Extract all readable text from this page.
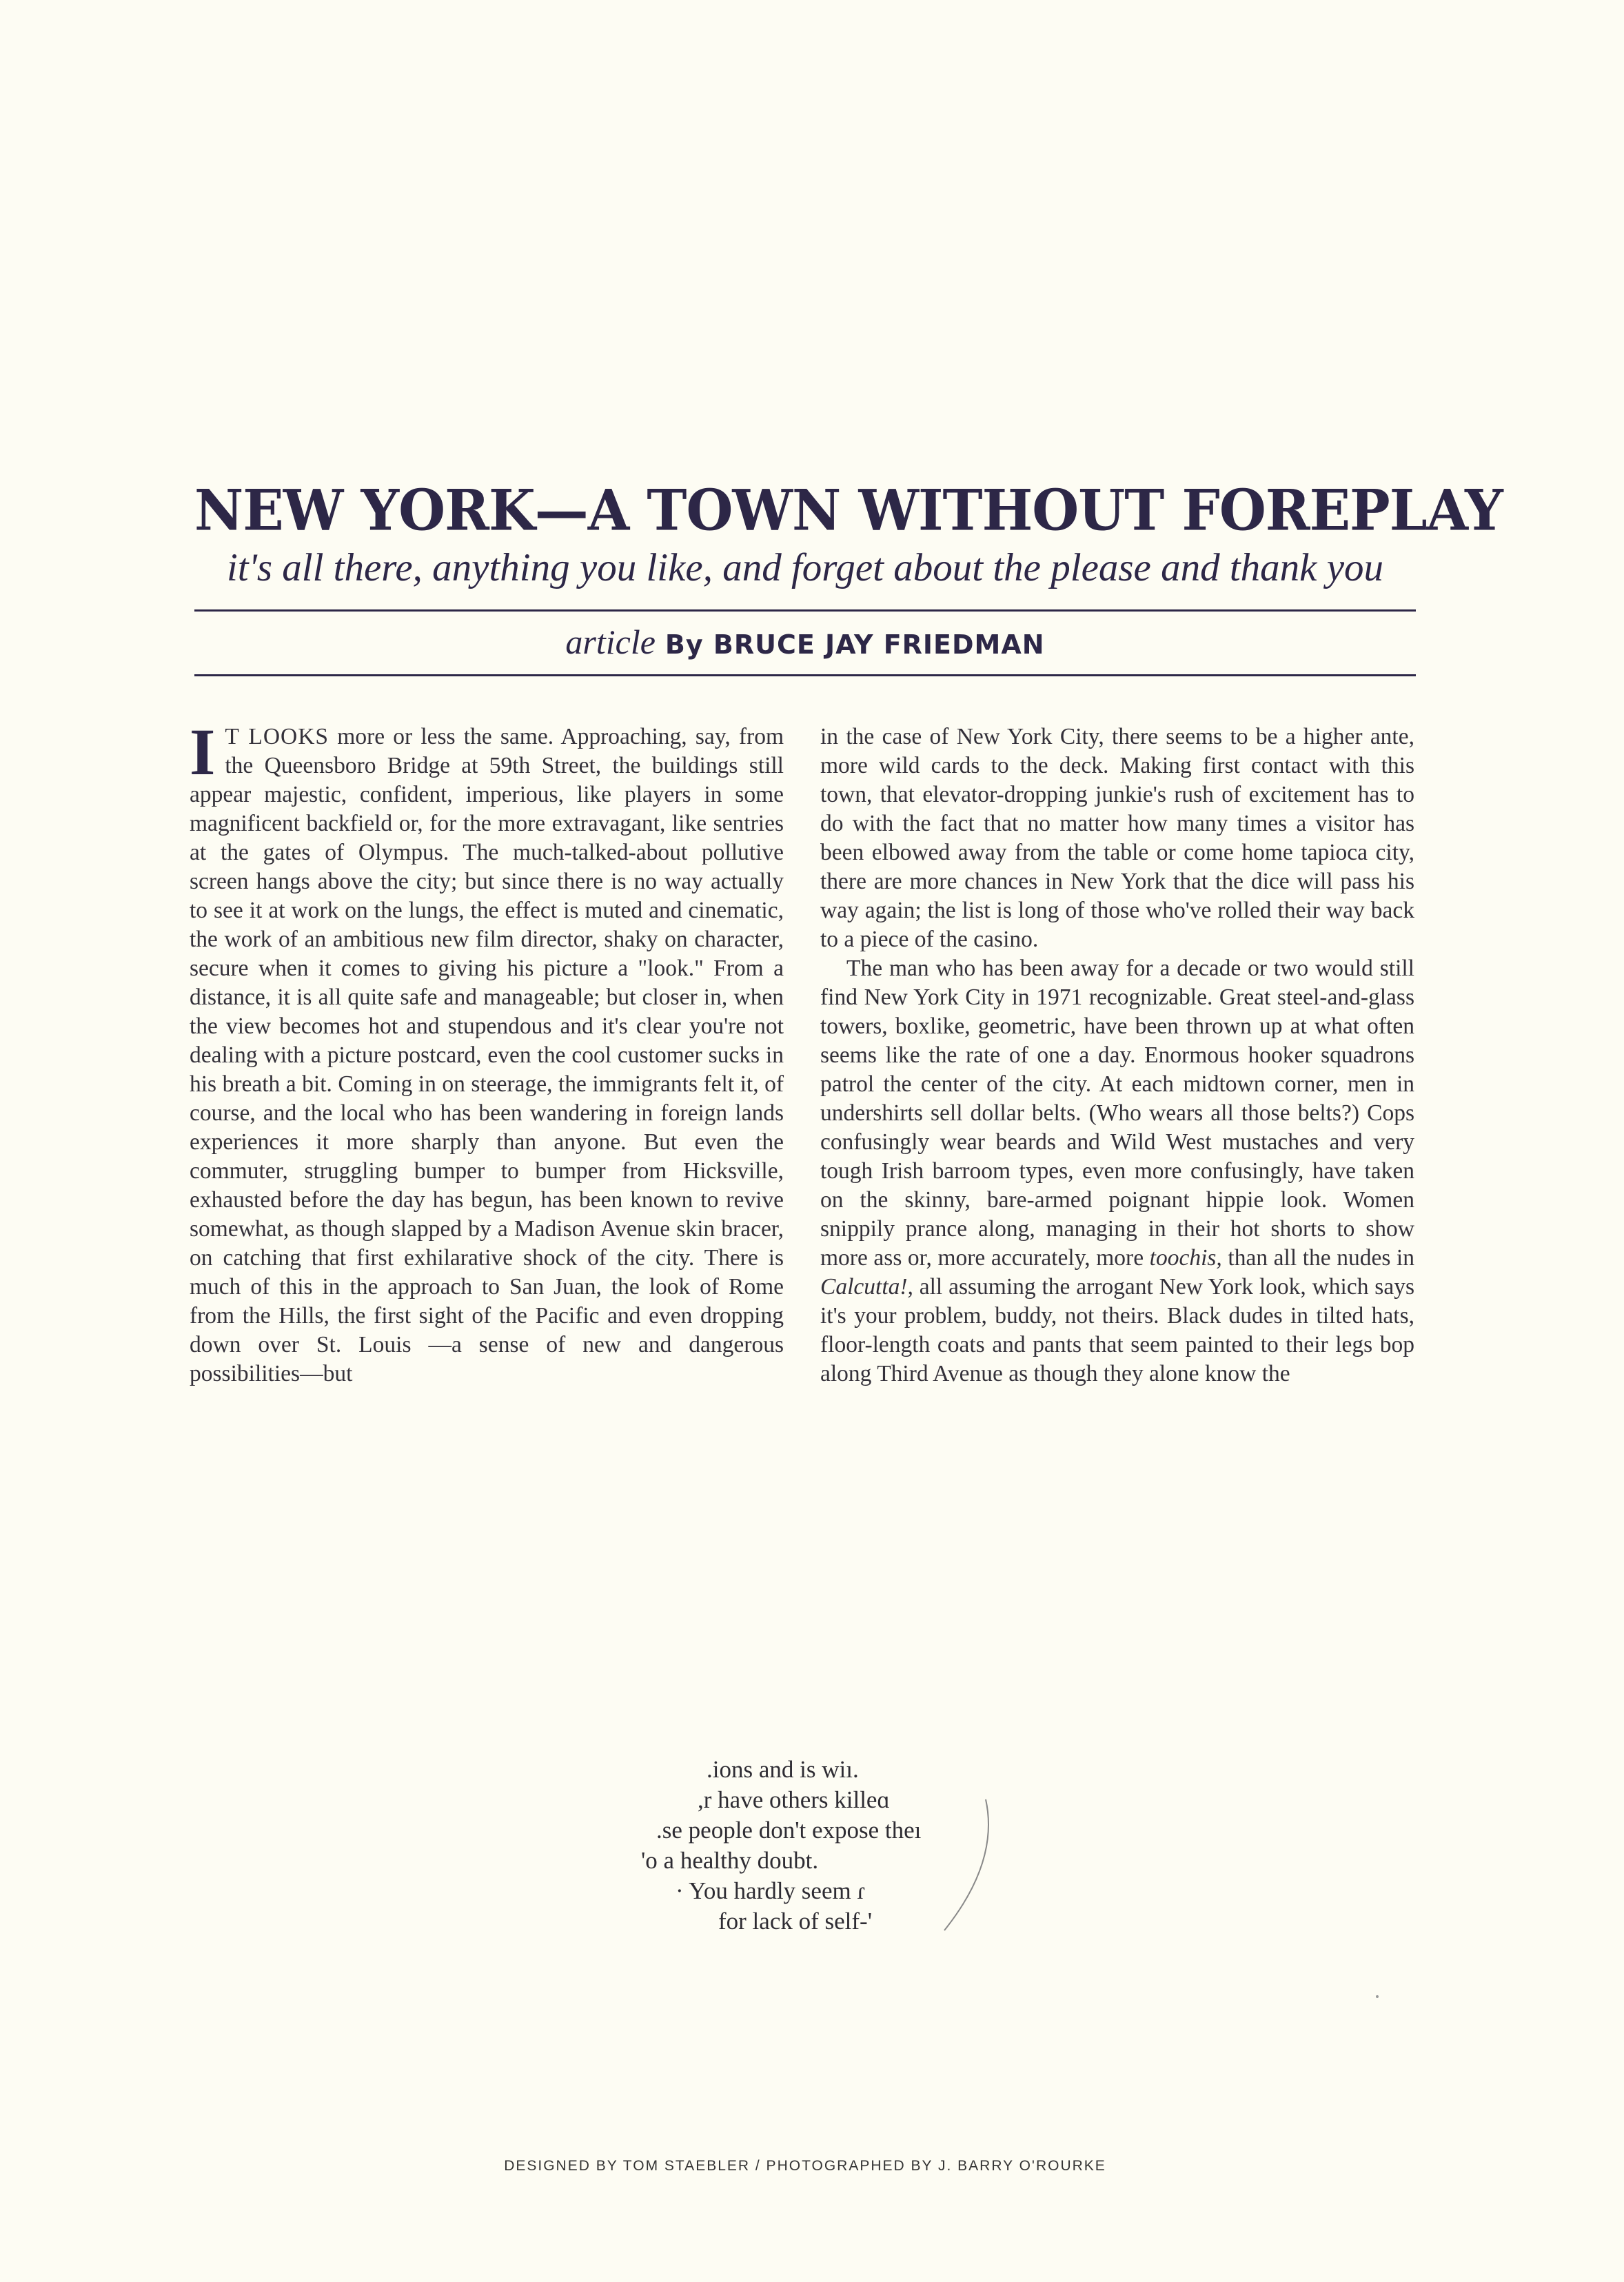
NEW YORK—A TOWN WITHOUT FOREPLAY
it's all there, anything you like, and forget about the please and thank you
article By BRUCE JAY FRIEDMAN

I T LOOKS more or less the same. Approaching, say, from the Queensboro Bridge at 59th Street, the buildings still appear majestic, confident, imperious, like players in some magnificent backfield or, for the more extravagant, like sentries at the gates of Olympus. The much-talked-about pollutive screen hangs above the city; but since there is no way actually to see it at work on the lungs, the effect is muted and cinematic, the work of an ambitious new film director, shaky on character, secure when it comes to giving his picture a "look." From a distance, it is all quite safe and manageable; but closer in, when the view becomes hot and stupendous and it's clear you're not dealing with a picture postcard, even the cool customer sucks in his breath a bit. Coming in on steerage, the immigrants felt it, of course, and the local who has been wandering in foreign lands experiences it more sharply than anyone. But even the commuter, struggling bumper to bumper from Hicksville, exhausted before the day has begun, has been known to revive somewhat, as though slapped by a Madison Avenue skin bracer, on catching that first exhilarative shock of the city. There is much of this in the approach to San Juan, the look of Rome from the Hills, the first sight of the Pacific and even dropping down over St. Louis —a sense of new and dangerous possibilities—but

in the case of New York City, there seems to be a higher ante, more wild cards to the deck. Making first contact with this town, that elevator-dropping junkie's rush of excitement has to do with the fact that no matter how many times a visitor has been elbowed away from the table or come home tapioca city, there are more chances in New York that the dice will pass his way again; the list is long of those who've rolled their way back to a piece of the casino.

The man who has been away for a decade or two would still find New York City in 1971 recognizable. Great steel-and-glass towers, boxlike, geometric, have been thrown up at what often seems like the rate of one a day. Enormous hooker squadrons patrol the center of the city. At each midtown corner, men in undershirts sell dollar belts. (Who wears all those belts?) Cops confusingly wear beards and Wild West mustaches and very tough Irish barroom types, even more confusingly, have taken on the skinny, bare-armed poignant hippie look. Women snippily prance along, managing in their hot shorts to show more ass or, more accurately, more toochis, than all the nudes in Calcutta!, all assuming the arrogant New York look, which says it's your problem, buddy, not theirs. Black dudes in tilted hats, floor-length coats and pants that seem painted to their legs bop along Third Avenue as though they alone know the

.ions and is wiı.
,r have others killeɑ
.se people don't expose theı
'o a healthy doubt.
· You hardly seem ɾ
for lack of self-'
DESIGNED BY TOM STAEBLER / PHOTOGRAPHED BY J. BARRY O'ROURKE
